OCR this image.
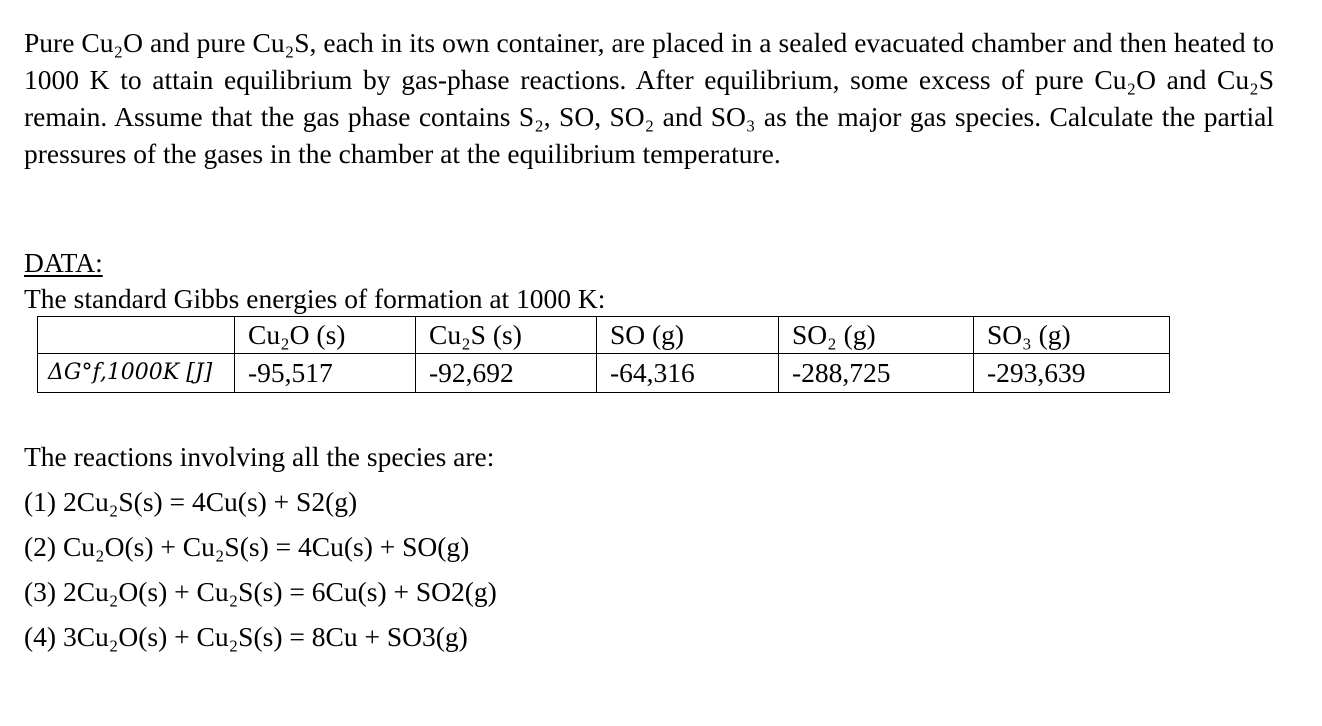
Pure Cu₂O and pure Cu₂S, each in its own container, are placed in a sealed evacuated chamber and then heated to 1000 K to attain equilibrium by gas-phase reactions. After equilibrium, some excess of pure Cu₂O and Cu₂S remain. Assume that the gas phase contains S₂, SO, SO₂ and SO₃ as the major gas species. Calculate the partial pressures of the gases in the chamber at the equilibrium temperature.

DATA:

The standard Gibbs energies of formation at 1000 K:

	Cu₂O (s)	Cu₂S (s)	SO (g)	SO₂ (g)	SO₃ (g)
ΔG°f,1000K [J]	-95,517	-92,692	-64,316	-288,725	-293,639

The reactions involving all the species are:

(1) 2Cu₂S(s) = 4Cu(s) + S2(g)

(2) Cu₂O(s) + Cu₂S(s) = 4Cu(s) + SO(g)

(3) 2Cu₂O(s) + Cu₂S(s) = 6Cu(s) + SO2(g)

(4) 3Cu₂O(s) + Cu₂S(s) = 8Cu + SO3(g)
